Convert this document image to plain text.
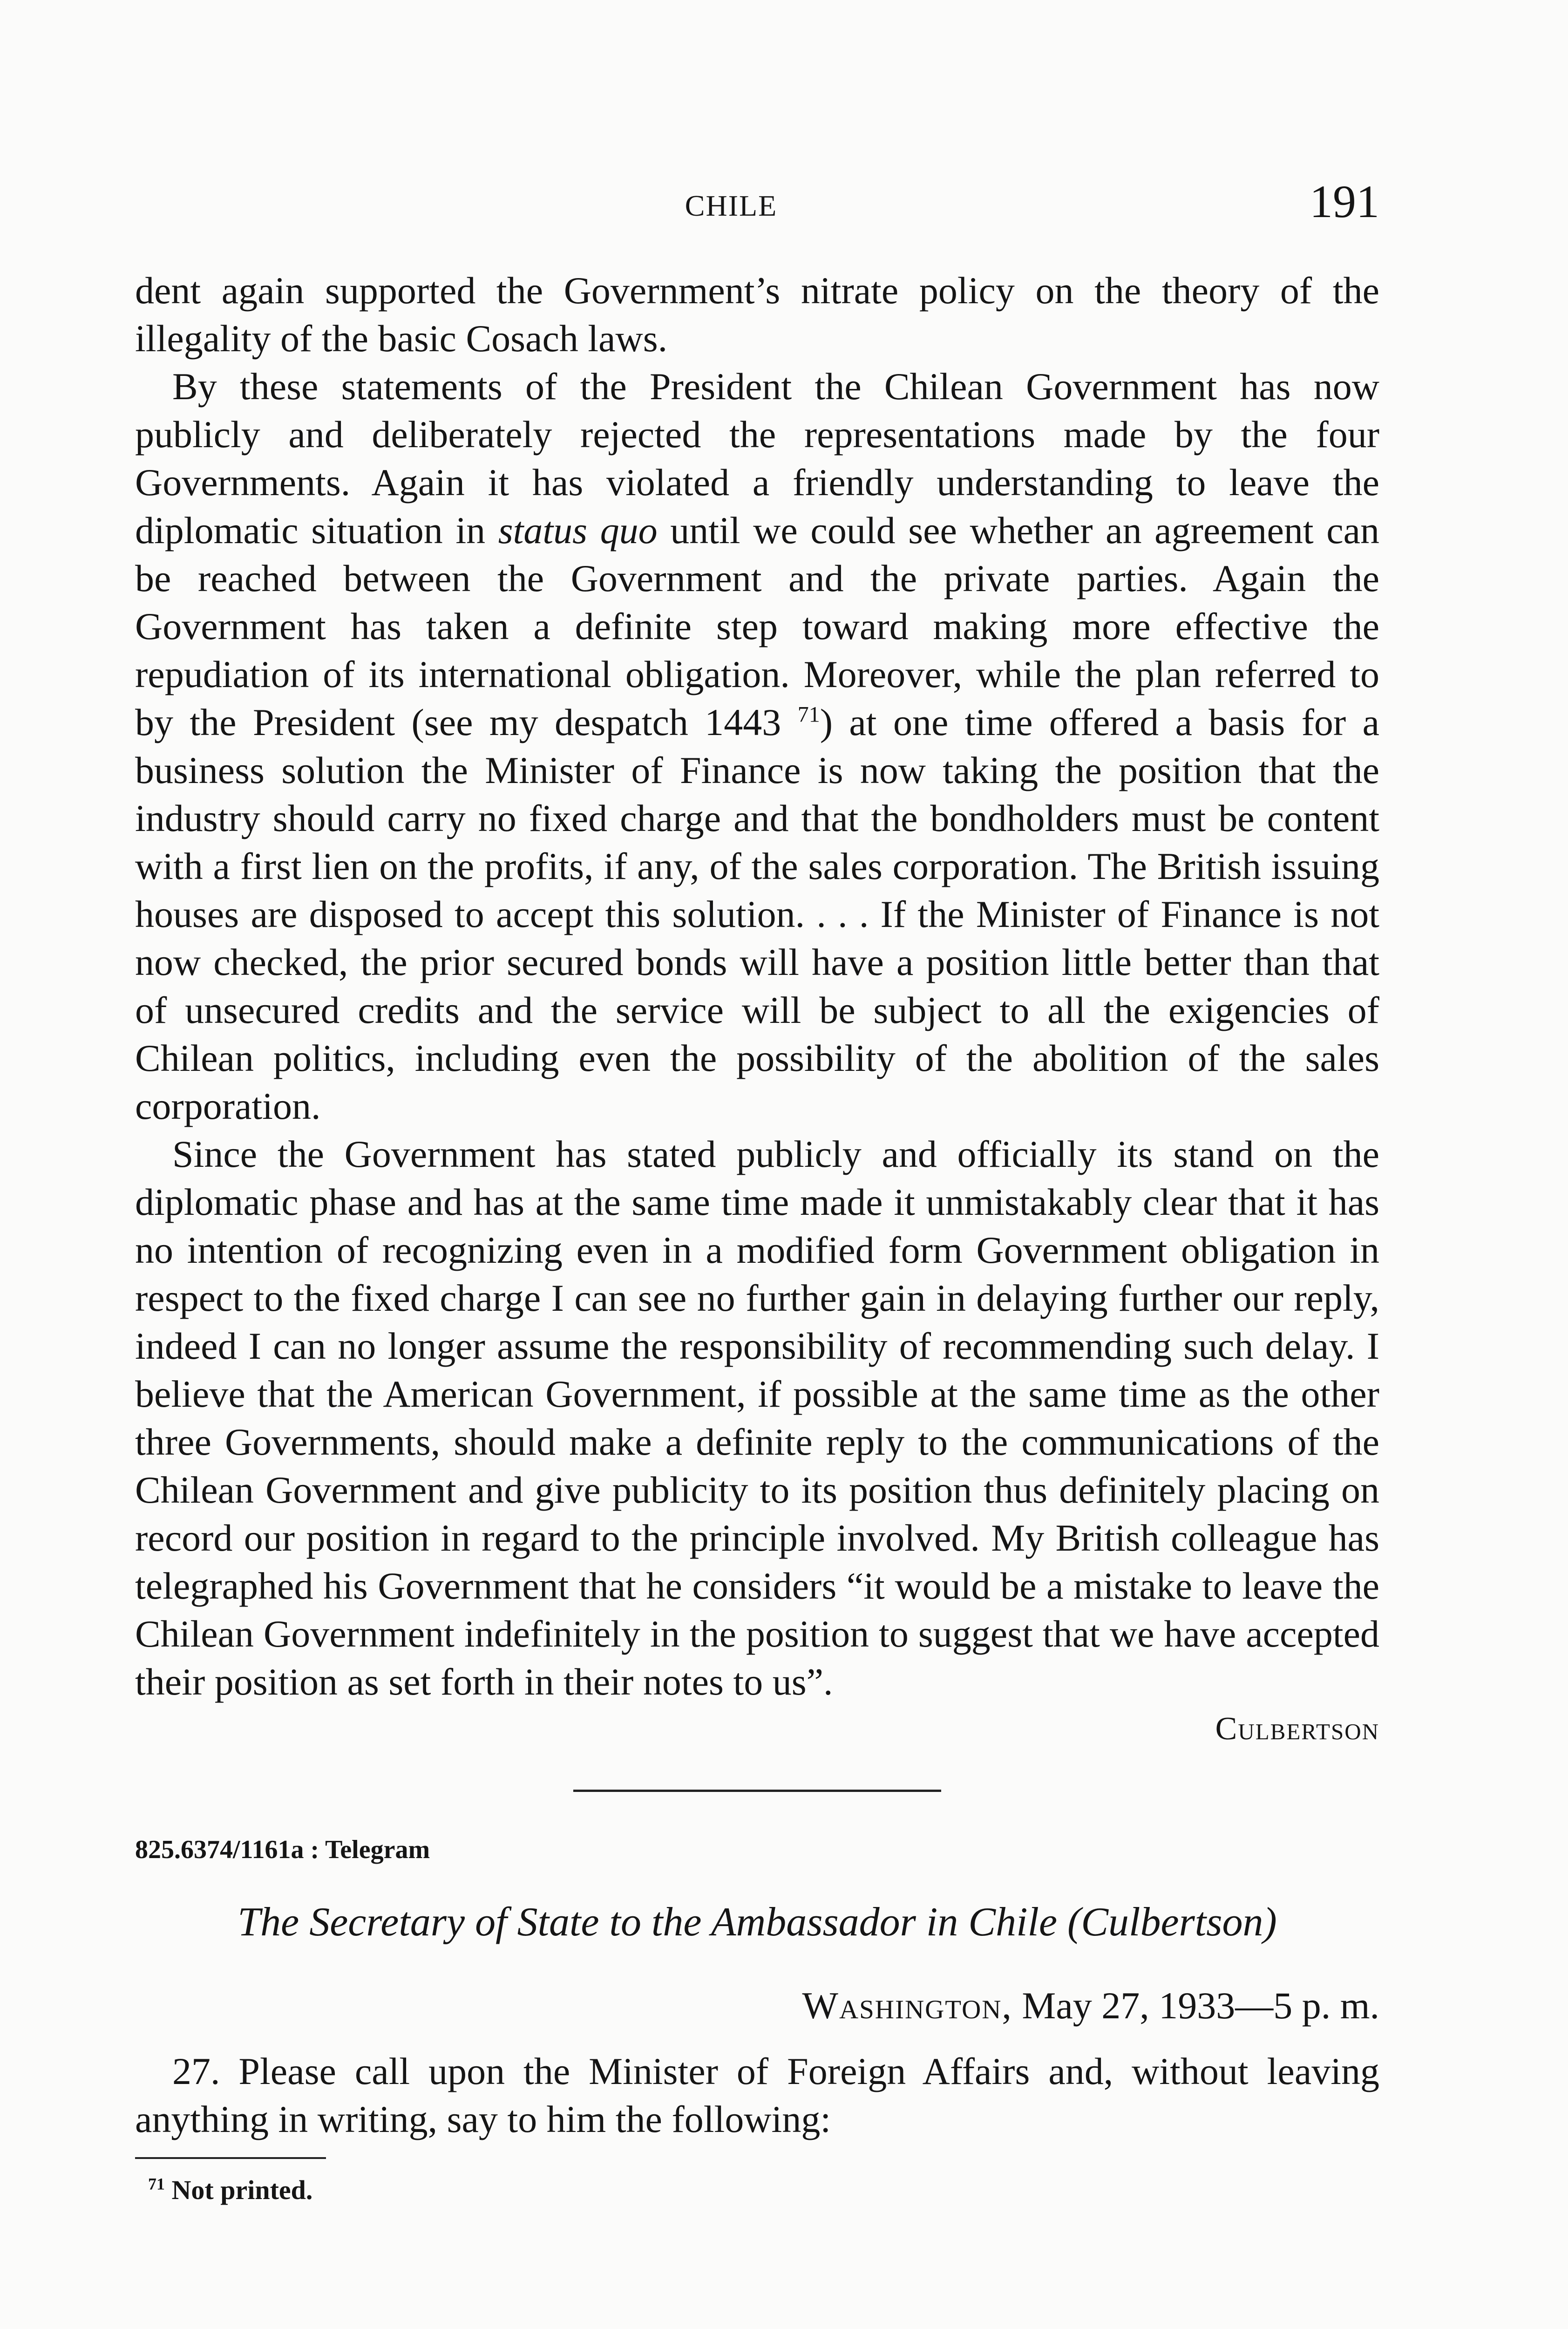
CHILE	191

dent again supported the Government’s nitrate policy on the theory of the illegality of the basic Cosach laws.

By these statements of the President the Chilean Government has now publicly and deliberately rejected the representations made by the four Governments. Again it has violated a friendly understanding to leave the diplomatic situation in status quo until we could see whether an agreement can be reached between the Government and the private parties. Again the Government has taken a definite step toward making more effective the repudiation of its international obligation. Moreover, while the plan referred to by the President (see my despatch 1443 $^{71}$) at one time offered a basis for a business solution the Minister of Finance is now taking the position that the industry should carry no fixed charge and that the bondholders must be content with a first lien on the profits, if any, of the sales corporation. The British issuing houses are disposed to accept this solution. . . . If the Minister of Finance is not now checked, the prior secured bonds will have a position little better than that of unsecured credits and the service will be subject to all the exigencies of Chilean politics, including even the possibility of the abolition of the sales corporation.

Since the Government has stated publicly and officially its stand on the diplomatic phase and has at the same time made it unmistakably clear that it has no intention of recognizing even in a modified form Government obligation in respect to the fixed charge I can see no further gain in delaying further our reply, indeed I can no longer assume the responsibility of recommending such delay. I believe that the American Government, if possible at the same time as the other three Governments, should make a definite reply to the communications of the Chilean Government and give publicity to its position thus definitely placing on record our position in regard to the principle involved. My British colleague has telegraphed his Government that he considers “it would be a mistake to leave the Chilean Government indefinitely in the position to suggest that we have accepted their position as set forth in their notes to us”.

Culbertson
825.6374/1161a : Telegram
The Secretary of State to the Ambassador in Chile (Culbertson)
Washington, May 27, 1933—5 p. m.

27. Please call upon the Minister of Foreign Affairs and, without leaving anything in writing, say to him the following:

$^{71}$ Not printed.
